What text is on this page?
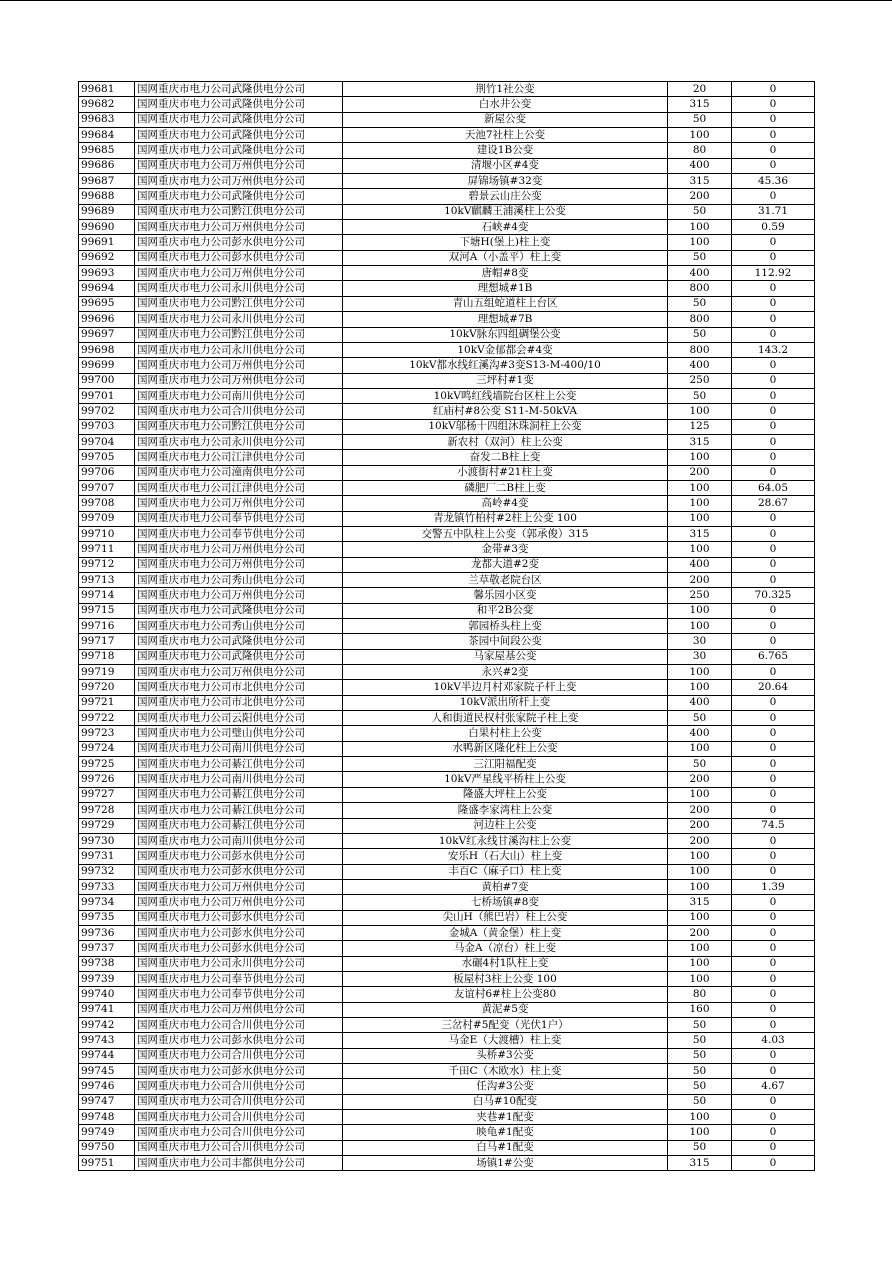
99681	国网重庆市电力公司武隆供电分公司	荆竹1社公变	20	0
99682	国网重庆市电力公司武隆供电分公司	白水井公变	315	0
99683	国网重庆市电力公司武隆供电分公司	新屋公变	50	0
99684	国网重庆市电力公司武隆供电分公司	天池7社柱上公变	100	0
99685	国网重庆市电力公司武隆供电分公司	建设1B公变	80	0
99686	国网重庆市电力公司万州供电分公司	清堰小区#4变	400	0
99687	国网重庆市电力公司万州供电分公司	屏锦场镇#32变	315	45.36
99688	国网重庆市电力公司武隆供电分公司	碧景云山庄公变	200	0
99689	国网重庆市电力公司黔江供电分公司	10kV麒麟王浦溪柱上公变	50	31.71
99690	国网重庆市电力公司万州供电分公司	石峡#4变	100	0.59
99691	国网重庆市电力公司彭水供电分公司	下塘H(堡上)柱上变	100	0
99692	国网重庆市电力公司彭水供电分公司	双河A（小盖平）柱上变	50	0
99693	国网重庆市电力公司万州供电分公司	唐帽#8变	400	112.92
99694	国网重庆市电力公司永川供电分公司	理想城#1B	800	0
99695	国网重庆市电力公司黔江供电分公司	青山五组蛇道柱上台区	50	0
99696	国网重庆市电力公司永川供电分公司	理想城#7B	800	0
99697	国网重庆市电力公司黔江供电分公司	10kV脉东四组碉堡公变	50	0
99698	国网重庆市电力公司永川供电分公司	10kV金郁都会#4变	800	143.2
99699	国网重庆市电力公司万州供电分公司	10kV都水线红溪沟#3变S13-M-400/10	400	0
99700	国网重庆市电力公司万州供电分公司	三坪村#1变	250	0
99701	国网重庆市电力公司南川供电分公司	10kV鸣红线墙院台区柱上公变	50	0
99702	国网重庆市电力公司合川供电分公司	红庙村#8公变 S11-M-50kVA	100	0
99703	国网重庆市电力公司黔江供电分公司	10kV邬杨十四组沐珠洞柱上公变	125	0
99704	国网重庆市电力公司永川供电分公司	新农村（双河）柱上公变	315	0
99705	国网重庆市电力公司江津供电分公司	奋发二B柱上变	100	0
99706	国网重庆市电力公司潼南供电分公司	小渡街村#21柱上变	200	0
99707	国网重庆市电力公司江津供电分公司	磷肥厂二B柱上变	100	64.05
99708	国网重庆市电力公司万州供电分公司	高岭#4变	100	28.67
99709	国网重庆市电力公司奉节供电分公司	青龙镇竹柏村#2柱上公变 100	100	0
99710	国网重庆市电力公司奉节供电分公司	交警五中队柱上公变（郭承俊）315	315	0
99711	国网重庆市电力公司万州供电分公司	金带#3变	100	0
99712	国网重庆市电力公司万州供电分公司	龙都大道#2变	400	0
99713	国网重庆市电力公司秀山供电分公司	兰草敬老院台区	200	0
99714	国网重庆市电力公司万州供电分公司	馨乐园小区变	250	70.325
99715	国网重庆市电力公司武隆供电分公司	和平2B公变	100	0
99716	国网重庆市电力公司秀山供电分公司	郭园桥头柱上变	100	0
99717	国网重庆市电力公司武隆供电分公司	茶园中间段公变	30	0
99718	国网重庆市电力公司武隆供电分公司	马家屋基公变	30	6.765
99719	国网重庆市电力公司万州供电分公司	永兴#2变	100	0
99720	国网重庆市电力公司市北供电分公司	10kV半边月村邓家院子杆上变	100	20.64
99721	国网重庆市电力公司市北供电分公司	10kV派出所杆上变	400	0
99722	国网重庆市电力公司云阳供电分公司	人和街道民权村张家院子柱上变	50	0
99723	国网重庆市电力公司璧山供电分公司	白果村柱上公变	400	0
99724	国网重庆市电力公司南川供电分公司	水鸭新区隆化柱上公变	100	0
99725	国网重庆市电力公司綦江供电分公司	三江阳福配变	50	0
99726	国网重庆市电力公司南川供电分公司	10kV严星线平桥柱上公变	200	0
99727	国网重庆市电力公司綦江供电分公司	隆盛大坪柱上公变	100	0
99728	国网重庆市电力公司綦江供电分公司	隆盛李家湾柱上公变	200	0
99729	国网重庆市电力公司綦江供电分公司	河边柱上公变	200	74.5
99730	国网重庆市电力公司南川供电分公司	10kV红永线甘溪沟柱上公变	200	0
99731	国网重庆市电力公司彭水供电分公司	安乐H（石大山）柱上变	100	0
99732	国网重庆市电力公司彭水供电分公司	丰百C（麻子口）柱上变	100	0
99733	国网重庆市电力公司万州供电分公司	黄柏#7变	100	1.39
99734	国网重庆市电力公司万州供电分公司	七桥场镇#8变	315	0
99735	国网重庆市电力公司彭水供电分公司	尖山H（熊巴岩）柱上公变	100	0
99736	国网重庆市电力公司彭水供电分公司	金城A（黄金堡）柱上变	200	0
99737	国网重庆市电力公司彭水供电分公司	马金A（凉台）柱上变	100	0
99738	国网重庆市电力公司永川供电分公司	水碾4村1队柱上变	100	0
99739	国网重庆市电力公司奉节供电分公司	板屋村3柱上公变 100	100	0
99740	国网重庆市电力公司奉节供电分公司	友谊村6#柱上公变80	80	0
99741	国网重庆市电力公司万州供电分公司	黄泥#5变	160	0
99742	国网重庆市电力公司合川供电分公司	三岔村#5配变（光伏1户）	50	0
99743	国网重庆市电力公司彭水供电分公司	马金E（大渡槽）柱上变	50	4.03
99744	国网重庆市电力公司合川供电分公司	头桥#3公变	50	0
99745	国网重庆市电力公司彭水供电分公司	千田C（木欧水）柱上变	50	0
99746	国网重庆市电力公司合川供电分公司	任沟#3公变	50	4.67
99747	国网重庆市电力公司合川供电分公司	白马#10配变	50	0
99748	国网重庆市电力公司合川供电分公司	夹巷#1配变	100	0
99749	国网重庆市电力公司合川供电分公司	映龟#1配变	100	0
99750	国网重庆市电力公司合川供电分公司	白马#1配变	50	0
99751	国网重庆市电力公司丰都供电分公司	场镇1#公变	315	0
